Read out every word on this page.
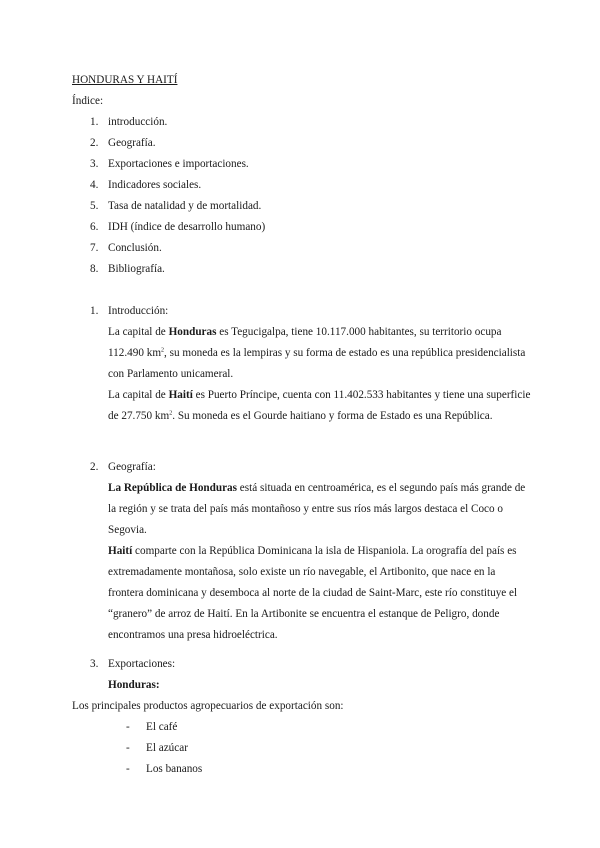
HONDURAS Y HAITÍ
Índice:
1. introducción.
2. Geografía.
3. Exportaciones e importaciones.
4. Indicadores sociales.
5. Tasa de natalidad y de mortalidad.
6. IDH (índice de desarrollo humano)
7. Conclusión.
8. Bibliografía.
1. Introducción:

La capital de Honduras es Tegucigalpa, tiene 10.117.000 habitantes, su territorio ocupa 112.490 $km^2$, su moneda es la lempiras y su forma de estado es una república presidencialista con Parlamento unicameral.

La capital de Haití es Puerto Príncipe, cuenta con 11.402.533 habitantes y tiene una superficie de 27.750 $km^2$. Su moneda es el Gourde haitiano y forma de Estado es una República.

2. Geografía:

La República de Honduras está situada en centroamérica, es el segundo país más grande de la región y se trata del país más montañoso y entre sus ríos más largos destaca el Coco o Segovia.

Haití comparte con la República Dominicana la isla de Hispaniola. La orografía del país es extremadamente montañosa, solo existe un río navegable, el Artibonito, que nace en la frontera dominicana y desemboca al norte de la ciudad de Saint-Marc, este río constituye el “granero” de arroz de Haití. En la Artibonite se encuentra el estanque de Peligro, donde encontramos una presa hidroeléctrica.

3. Exportaciones:

Honduras:

Los principales productos agropecuarios de exportación son:

- El café
- El azúcar
- Los bananos
